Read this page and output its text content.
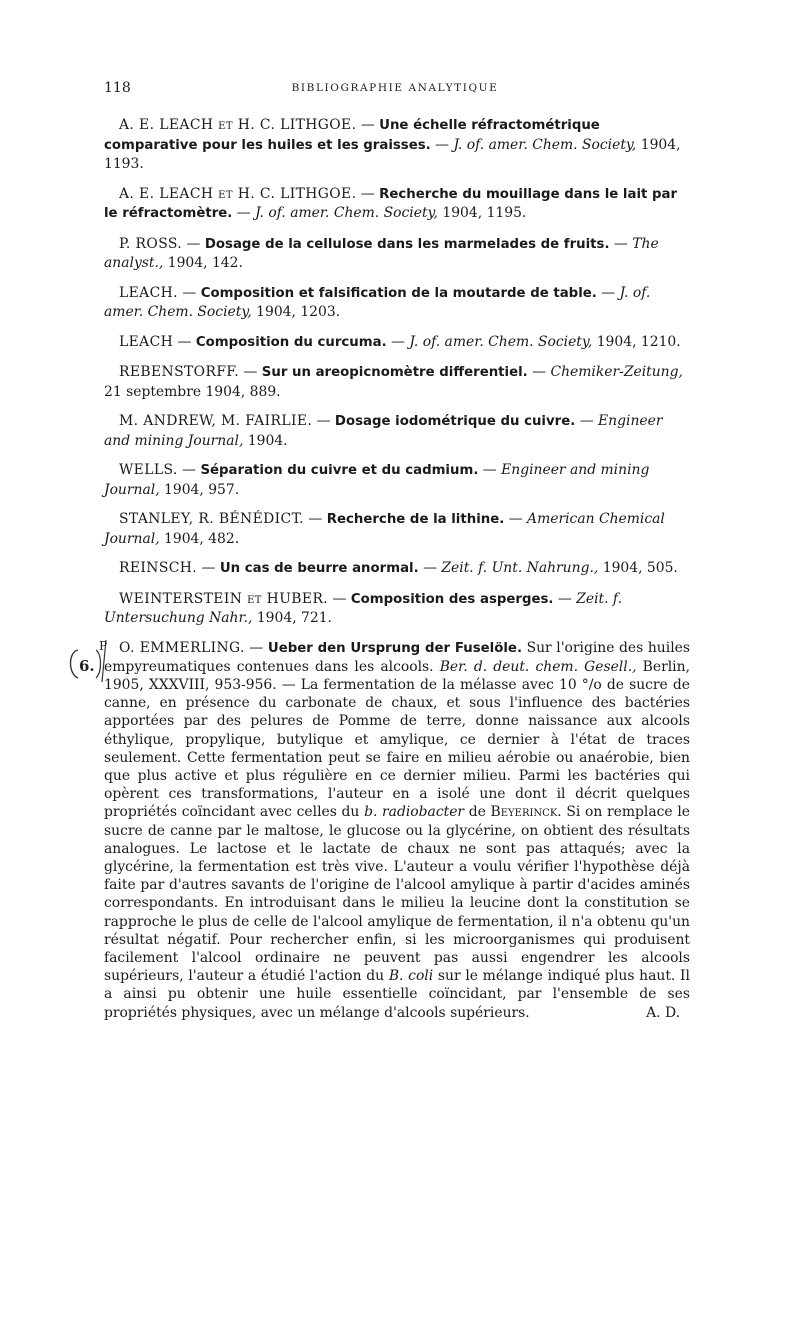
118	BIBLIOGRAPHIE ANALYTIQUE
6.
P

A. E. LEACH et H. C. LITHGOE. — Une échelle réfractométrique comparative pour les huiles et les graisses. — J. of. amer. Chem. Society, 1904, 1193.

A. E. LEACH et H. C. LITHGOE. — Recherche du mouillage dans le lait par le réfractomètre. — J. of. amer. Chem. Society, 1904, 1195.

P. ROSS. — Dosage de la cellulose dans les marmelades de fruits. — The analyst., 1904, 142.

LEACH. — Composition et falsification de la moutarde de table. — J. of. amer. Chem. Society, 1904, 1203.

LEACH — Composition du curcuma. — J. of. amer. Chem. Society, 1904, 1210.

REBENSTORFF. — Sur un areopicnomètre differentiel. — Chemiker-Zeitung, 21 septembre 1904, 889.

M. ANDREW, M. FAIRLIE. — Dosage iodométrique du cuivre. — Engineer and mining Journal, 1904.

WELLS. — Séparation du cuivre et du cadmium. — Engineer and mining Journal, 1904, 957.

STANLEY, R. BÉNÉDICT. — Recherche de la lithine. — American Chemical Journal, 1904, 482.

REINSCH. — Un cas de beurre anormal. — Zeit. f. Unt. Nahrung., 1904, 505.

WEINTERSTEIN et HUBER. — Composition des asperges. — Zeit. f. Untersuchung Nahr., 1904, 721.

O. EMMERLING. — Ueber den Ursprung der Fuselöle. Sur l'origine des huiles empyreumatiques contenues dans les alcools. Ber. d. deut. chem. Gesell., Berlin, 1905, XXXVIII, 953-956. — La fermentation de la mélasse avec 10 °/o de sucre de canne, en présence du carbonate de chaux, et sous l'influence des bactéries apportées par des pelures de Pomme de terre, donne naissance aux alcools éthylique, propylique, butylique et amylique, ce dernier à l'état de traces seulement. Cette fermentation peut se faire en milieu aérobie ou anaérobie, bien que plus active et plus régulière en ce dernier milieu. Parmi les bactéries qui opèrent ces transformations, l'auteur en a isolé une dont il décrit quelques propriétés coïncidant avec celles du b. radiobacter de Beyerinck. Si on remplace le sucre de canne par le maltose, le glucose ou la glycérine, on obtient des résultats analogues. Le lactose et le lactate de chaux ne sont pas attaqués; avec la glycérine, la fermentation est très vive. L'auteur a voulu vérifier l'hypothèse déjà faite par d'autres savants de l'origine de l'alcool amylique à partir d'acides aminés correspondants. En introduisant dans le milieu la leucine dont la constitution se rapproche le plus de celle de l'alcool amylique de fermentation, il n'a obtenu qu'un résultat négatif. Pour rechercher enfin, si les microorganismes qui produisent facilement l'alcool ordinaire ne peuvent pas aussi engendrer les alcools supérieurs, l'auteur a étudié l'action du B. coli sur le mélange indiqué plus haut. Il a ainsi pu obtenir une huile essentielle coïncidant, par l'ensemble de ses propriétés physiques, avec un mélange d'alcools supérieurs.	A. D.
